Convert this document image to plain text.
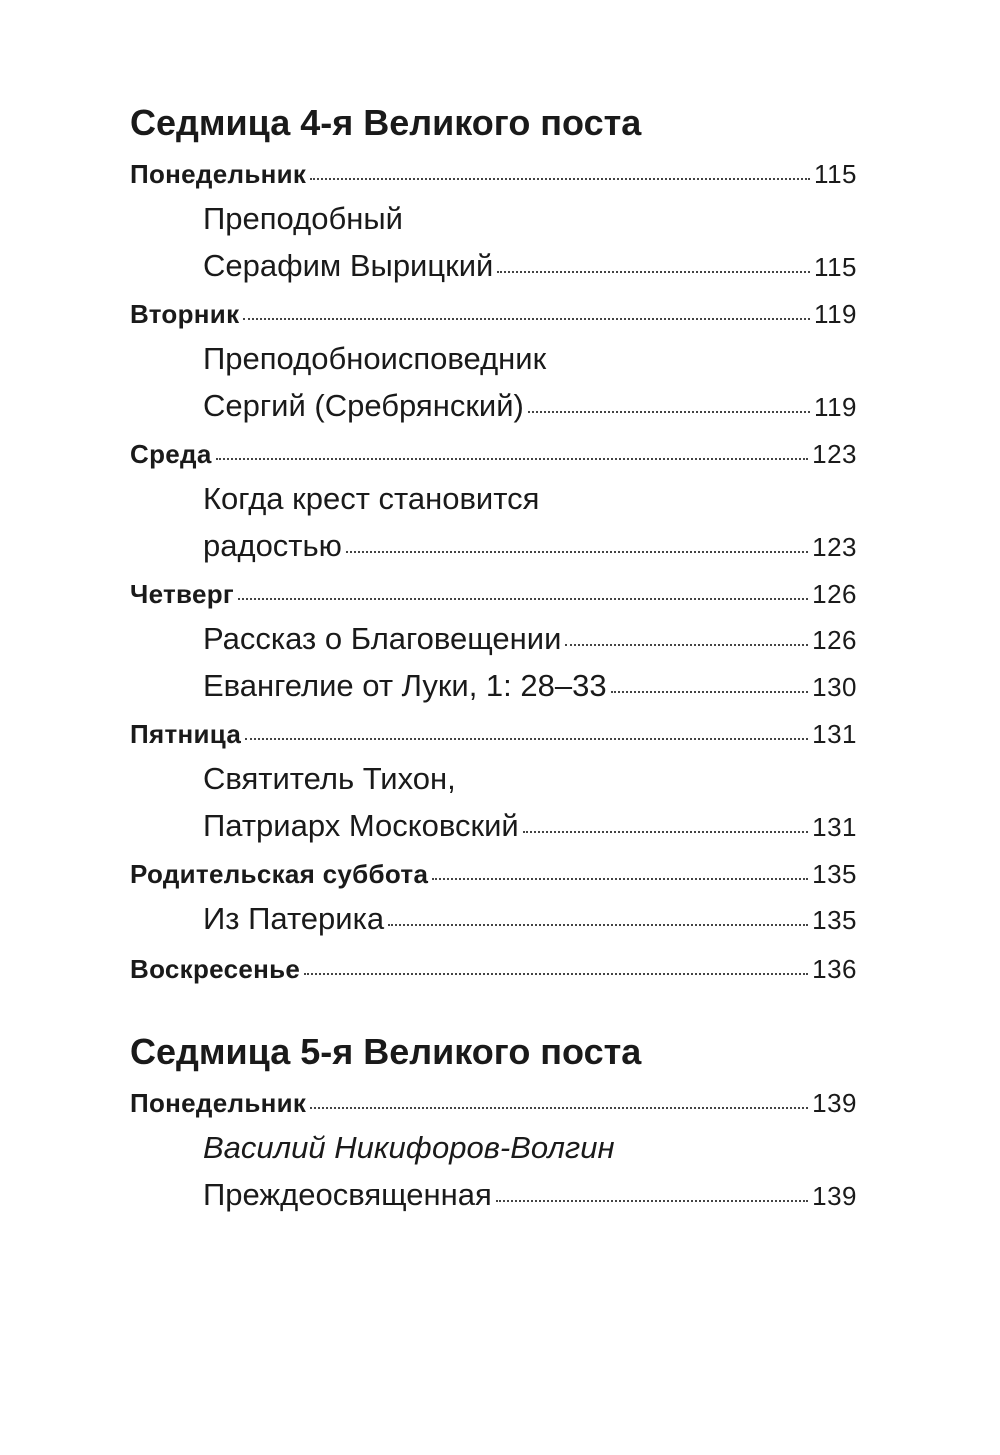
Седмица 4-я Великого поста
Понедельник	115
Преподобный
Серафим Вырицкий	115
Вторник	119
Преподобноисповедник
Сергий (Сребрянский)	119
Среда	123
Когда крест становится
радостью	123
Четверг	126
Рассказ о Благовещении	126
Евангелие от Луки, 1: 28–33	130
Пятница	131
Святитель Тихон,
Патриарх Московский	131
Родительская суббота	135
Из Патерика	135
Воскресенье	136
Седмица 5-я Великого поста
Понедельник	139
Василий Никифоров-Волгин
Преждеосвященная	139
